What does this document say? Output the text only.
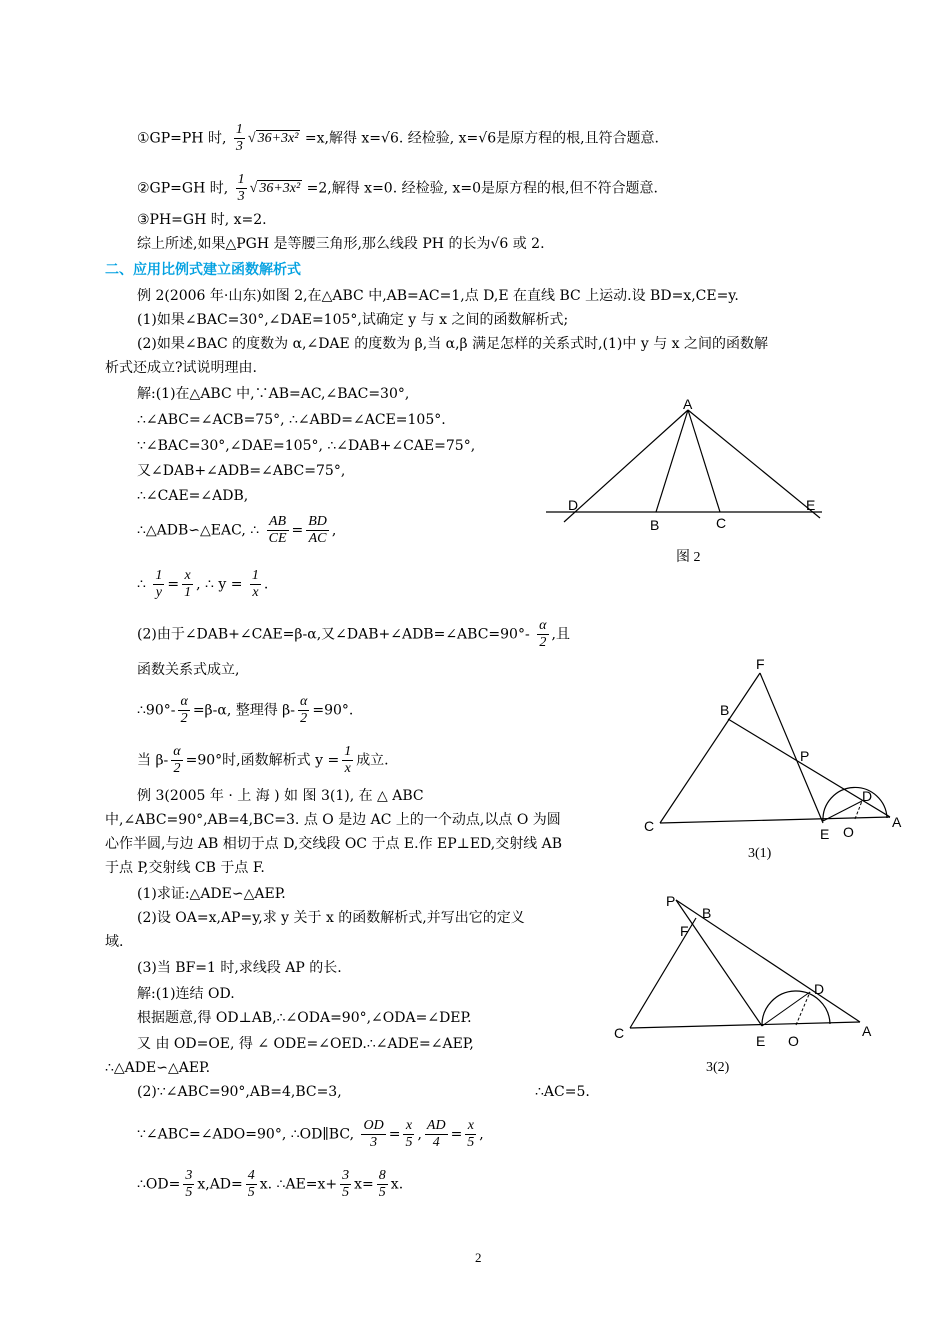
①GP=PH 时, $\frac{1}{3}$ √ 36+3x² =x,解得 x=√6. 经检验, x=√6是原方程的根,且符合题意.
②GP=GH 时, $\frac{1}{3}$ √ 36+3x² =2,解得 x=0. 经检验, x=0是原方程的根,但不符合题意.
③PH=GH 时, x=2.
综上所述,如果△PGH 是等腰三角形,那么线段 PH 的长为√6 或 2.
二、应用比例式建立函数解析式
例 2(2006 年·山东)如图 2,在△ABC 中,AB=AC=1,点 D,E 在直线 BC 上运动.设 BD=x,CE=y.
(1)如果∠BAC=30°,∠DAE=105°,试确定 y 与 x 之间的函数解析式;
(2)如果∠BAC 的度数为 α,∠DAE 的度数为 β,当 α,β 满足怎样的关系式时,(1)中 y 与 x 之间的函数解
析式还成立?试说明理由.
解:(1)在△ABC 中,∵AB=AC,∠BAC=30°,
∴∠ABC=∠ACB=75°, ∴∠ABD=∠ACE=105°.
∵∠BAC=30°,∠DAE=105°, ∴∠DAB+∠CAE=75°,
又∠DAB+∠ADB=∠ABC=75°,
∴∠CAE=∠ADB,
∴△ADB∽△EAC, ∴ $\frac{AB}{CE} = \frac{BD}{AC}$ ,
∴ $\frac{1}{y} = \frac{x}{1}$ , ∴ $y = \frac{1}{x}$ .
(2)由于∠DAB+∠CAE=β-α,又∠DAB+∠ADB=∠ABC=90°- $\frac{\alpha}{2}$ ,且
函数关系式成立,
∴90°- $\frac{\alpha}{2} =\beta-\alpha$, 整理得 $\beta- \frac{\alpha}{2} =90^\circ$.
当 $\beta- \frac{\alpha}{2} =90^\circ$时,函数解析式 $y = \frac{1}{x}$ 成立.
例 3(2005 年 · 上 海 ) 如 图 3(1), 在 △ ABC
中,∠ABC=90°,AB=4,BC=3. 点 O 是边 AC 上的一个动点,以点 O 为圆
心作半圆,与边 AB 相切于点 D,交线段 OC 于点 E.作 EP⊥ED,交射线 AB
于点 P,交射线 CB 于点 F.
(1)求证:△ADE∽△AEP.
(2)设 OA=x,AP=y,求 y 关于 x 的函数解析式,并写出它的定义
域.
(3)当 BF=1 时,求线段 AP 的长.
解:(1)连结 OD.
根据题意,得 OD⊥AB,∴∠ODA=90°,∠ODA=∠DEP.
又 由 OD=OE, 得 ∠ ODE=∠OED.∴∠ADE=∠AEP,
∴△ADE∽△AEP.
(2)∵∠ABC=90°,AB=4,BC=3,	∴AC=5.
∵∠ABC=∠ADO=90°, ∴OD∥BC, $\frac{OD}{3} = \frac{x}{5}$ , $\frac{AD}{4} = \frac{x}{5}$ ,
∴OD= $\frac{3}{5} x,AD= \frac{4}{5} x$. ∴AE=x+ $\frac{3}{5} x= \frac{8}{5} x$.
A
D
B	C
E
图 2
F
B
P
D
C	E O
A
3(1)
P
B
F
D
C	E O
A
3(2)
2
